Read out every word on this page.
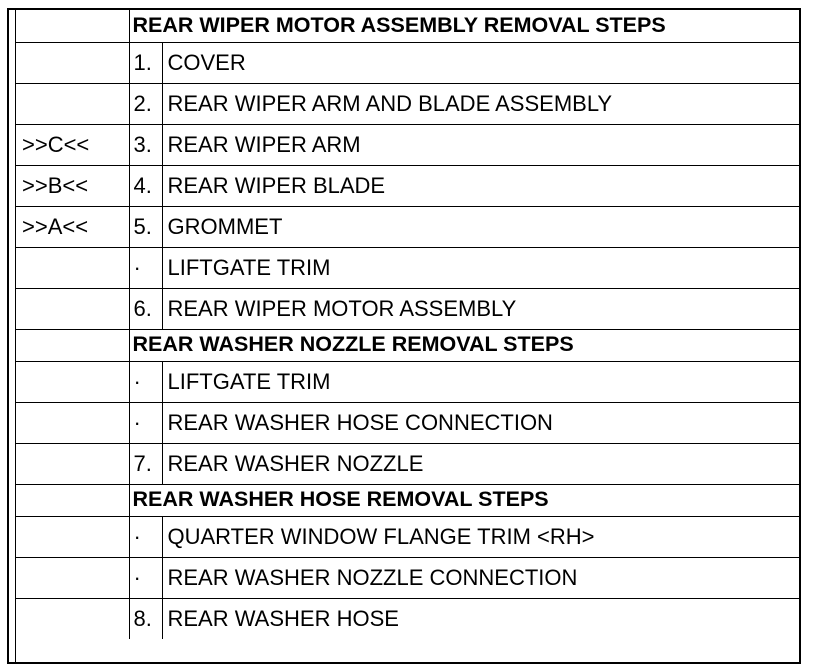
	REAR WIPER MOTOR ASSEMBLY REMOVAL STEPS	
	1.	COVER
	2.	REAR WIPER ARM AND BLADE ASSEMBLY
>>C<<	3.	REAR WIPER ARM
>>B<<	4.	REAR WIPER BLADE
>>A<<	5.	GROMMET
	·	LIFTGATE TRIM
	6.	REAR WIPER MOTOR ASSEMBLY
	REAR WASHER NOZZLE REMOVAL STEPS	
	·	LIFTGATE TRIM
	·	REAR WASHER HOSE CONNECTION
	7.	REAR WASHER NOZZLE
	REAR WASHER HOSE REMOVAL STEPS	
	·	QUARTER WINDOW FLANGE TRIM <RH>
	·	REAR WASHER NOZZLE CONNECTION
	8.	REAR WASHER HOSE
